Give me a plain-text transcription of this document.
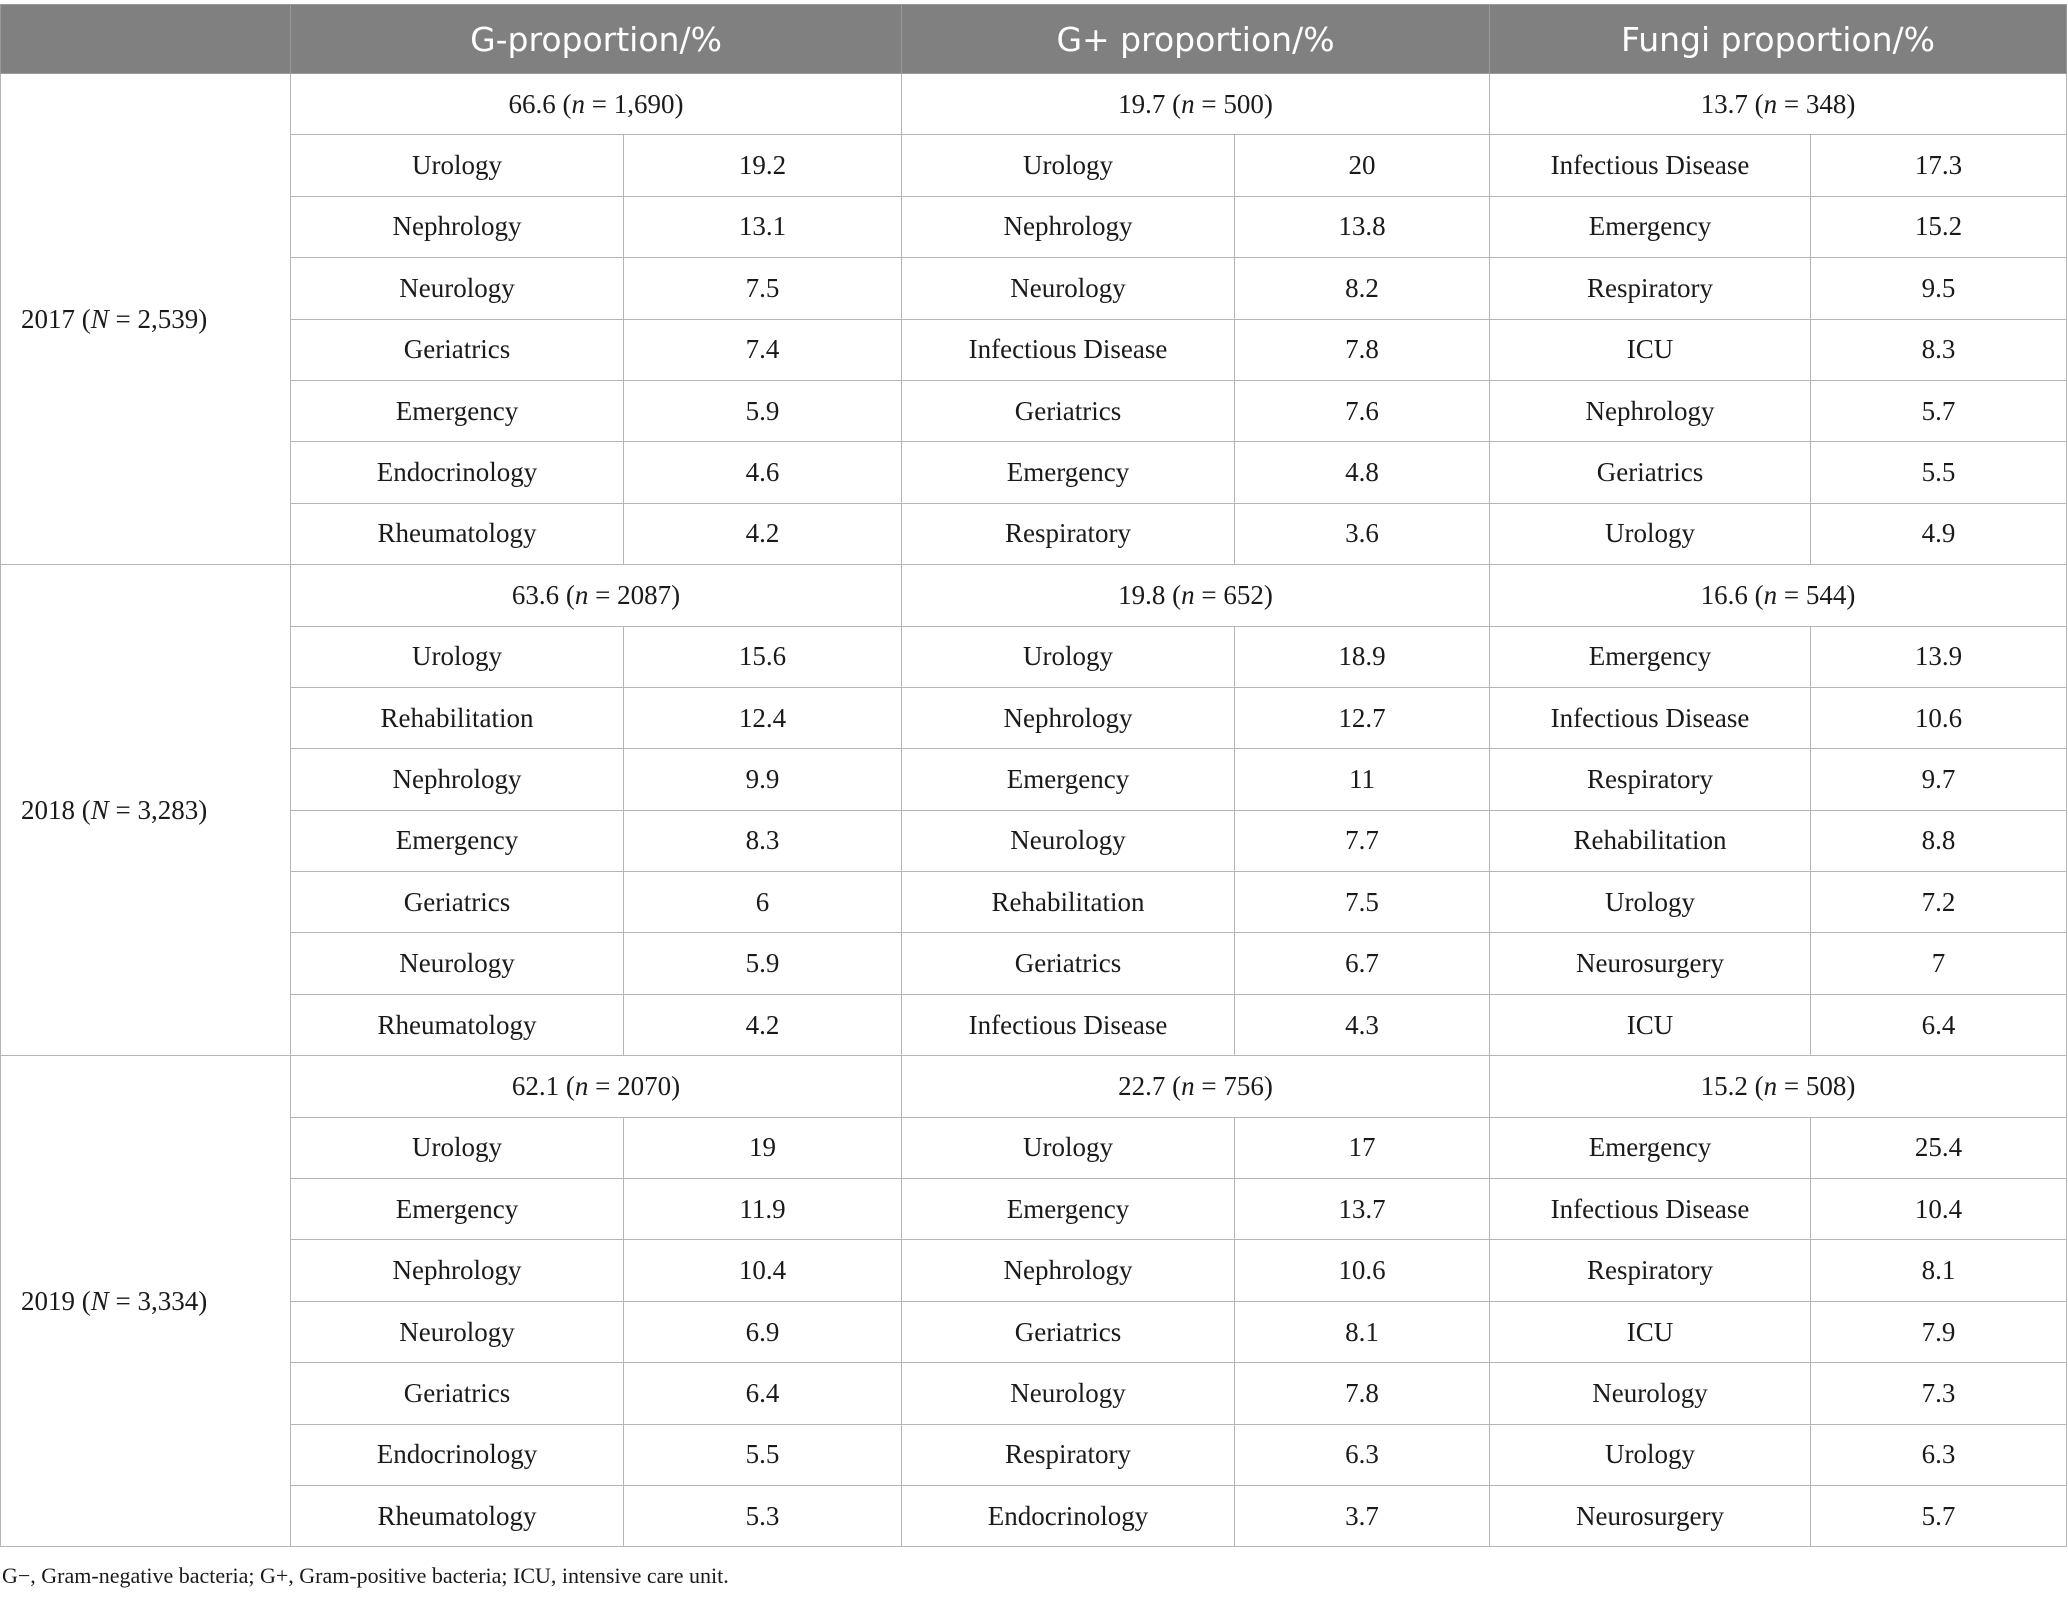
	G-proportion/%		G+ proportion/%		Fungi proportion/%	
2017 (N = 2,539)	66.6 (n = 1,690)		19.7 (n = 500)		13.7 (n = 348)	
	Urology	19.2	Urology	20	Infectious Disease	17.3
	Nephrology	13.1	Nephrology	13.8	Emergency	15.2
	Neurology	7.5	Neurology	8.2	Respiratory	9.5
	Geriatrics	7.4	Infectious Disease	7.8	ICU	8.3
	Emergency	5.9	Geriatrics	7.6	Nephrology	5.7
	Endocrinology	4.6	Emergency	4.8	Geriatrics	5.5
	Rheumatology	4.2	Respiratory	3.6	Urology	4.9
2018 (N = 3,283)	63.6 (n = 2087)		19.8 (n = 652)		16.6 (n = 544)	
	Urology	15.6	Urology	18.9	Emergency	13.9
	Rehabilitation	12.4	Nephrology	12.7	Infectious Disease	10.6
	Nephrology	9.9	Emergency	11	Respiratory	9.7
	Emergency	8.3	Neurology	7.7	Rehabilitation	8.8
	Geriatrics	6	Rehabilitation	7.5	Urology	7.2
	Neurology	5.9	Geriatrics	6.7	Neurosurgery	7
	Rheumatology	4.2	Infectious Disease	4.3	ICU	6.4
2019 (N = 3,334)	62.1 (n = 2070)		22.7 (n = 756)		15.2 (n = 508)	
	Urology	19	Urology	17	Emergency	25.4
	Emergency	11.9	Emergency	13.7	Infectious Disease	10.4
	Nephrology	10.4	Nephrology	10.6	Respiratory	8.1
	Neurology	6.9	Geriatrics	8.1	ICU	7.9
	Geriatrics	6.4	Neurology	7.8	Neurology	7.3
	Endocrinology	5.5	Respiratory	6.3	Urology	6.3
	Rheumatology	5.3	Endocrinology	3.7	Neurosurgery	5.7
G−, Gram-negative bacteria; G+, Gram-positive bacteria; ICU, intensive care unit.
